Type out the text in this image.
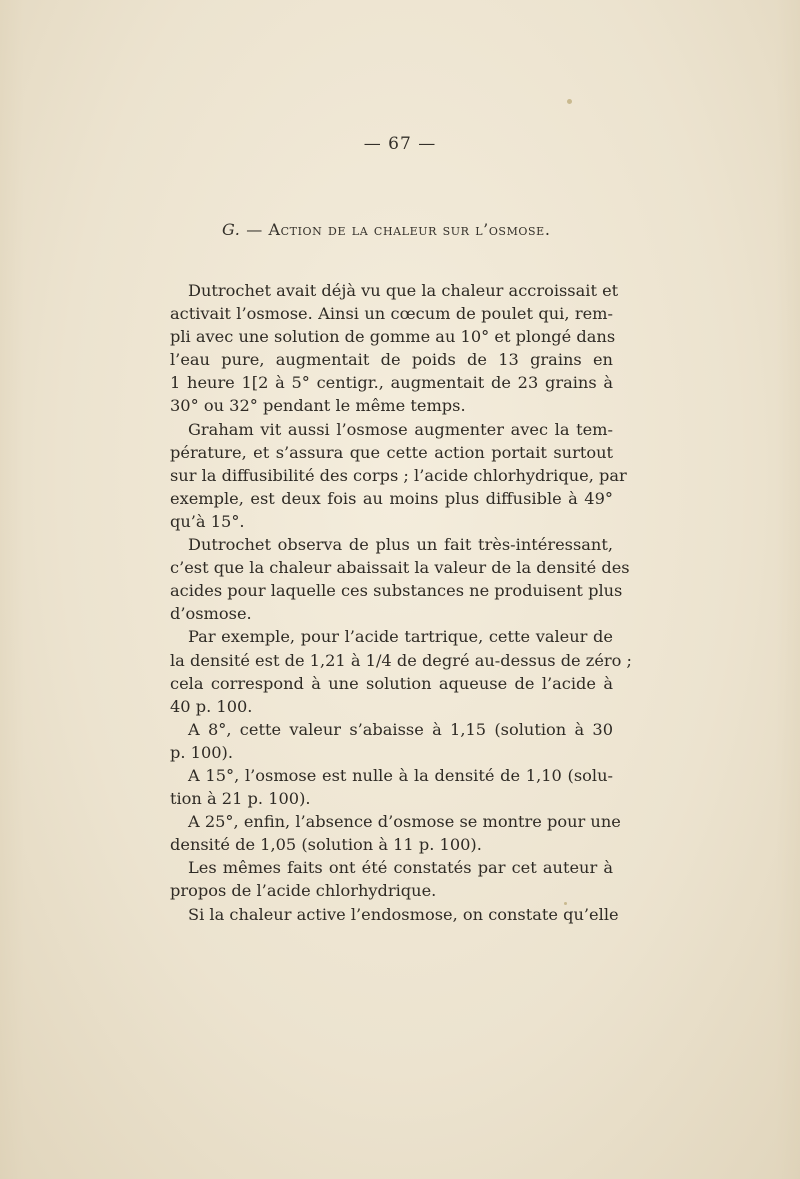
— 67 —
G. — Action de la chaleur sur l’osmose.
Dutrochet avait déjà vu que la chaleur accroissait et
activait l’osmose. Ainsi un cœcum de poulet qui, rem-
pli avec une solution de gomme au 10° et plongé dans
l’eau pure, augmentait de poids de 13 grains en
1 heure 1[2 à 5° centigr., augmentait de 23 grains à
30° ou 32° pendant le même temps.
Graham vit aussi l’osmose augmenter avec la tem-
pérature, et s’assura que cette action portait surtout
sur la diffusibilité des corps ; l’acide chlorhydrique, par
exemple, est deux fois au moins plus diffusible à 49°
qu’à 15°.
Dutrochet observa de plus un fait très-intéressant,
c’est que la chaleur abaissait la valeur de la densité des
acides pour laquelle ces substances ne produisent plus
d’osmose.
Par exemple, pour l’acide tartrique, cette valeur de
la densité est de 1,21 à 1/4 de degré au-dessus de zéro ;
cela correspond à une solution aqueuse de l’acide à
40 p. 100.
A 8°, cette valeur s’abaisse à 1,15 (solution à 30
p. 100).
A 15°, l’osmose est nulle à la densité de 1,10 (solu-
tion à 21 p. 100).
A 25°, enfin, l’absence d’osmose se montre pour une
densité de 1,05 (solution à 11 p. 100).
Les mêmes faits ont été constatés par cet auteur à
propos de l’acide chlorhydrique.
Si la chaleur active l’endosmose, on constate qu’elle
